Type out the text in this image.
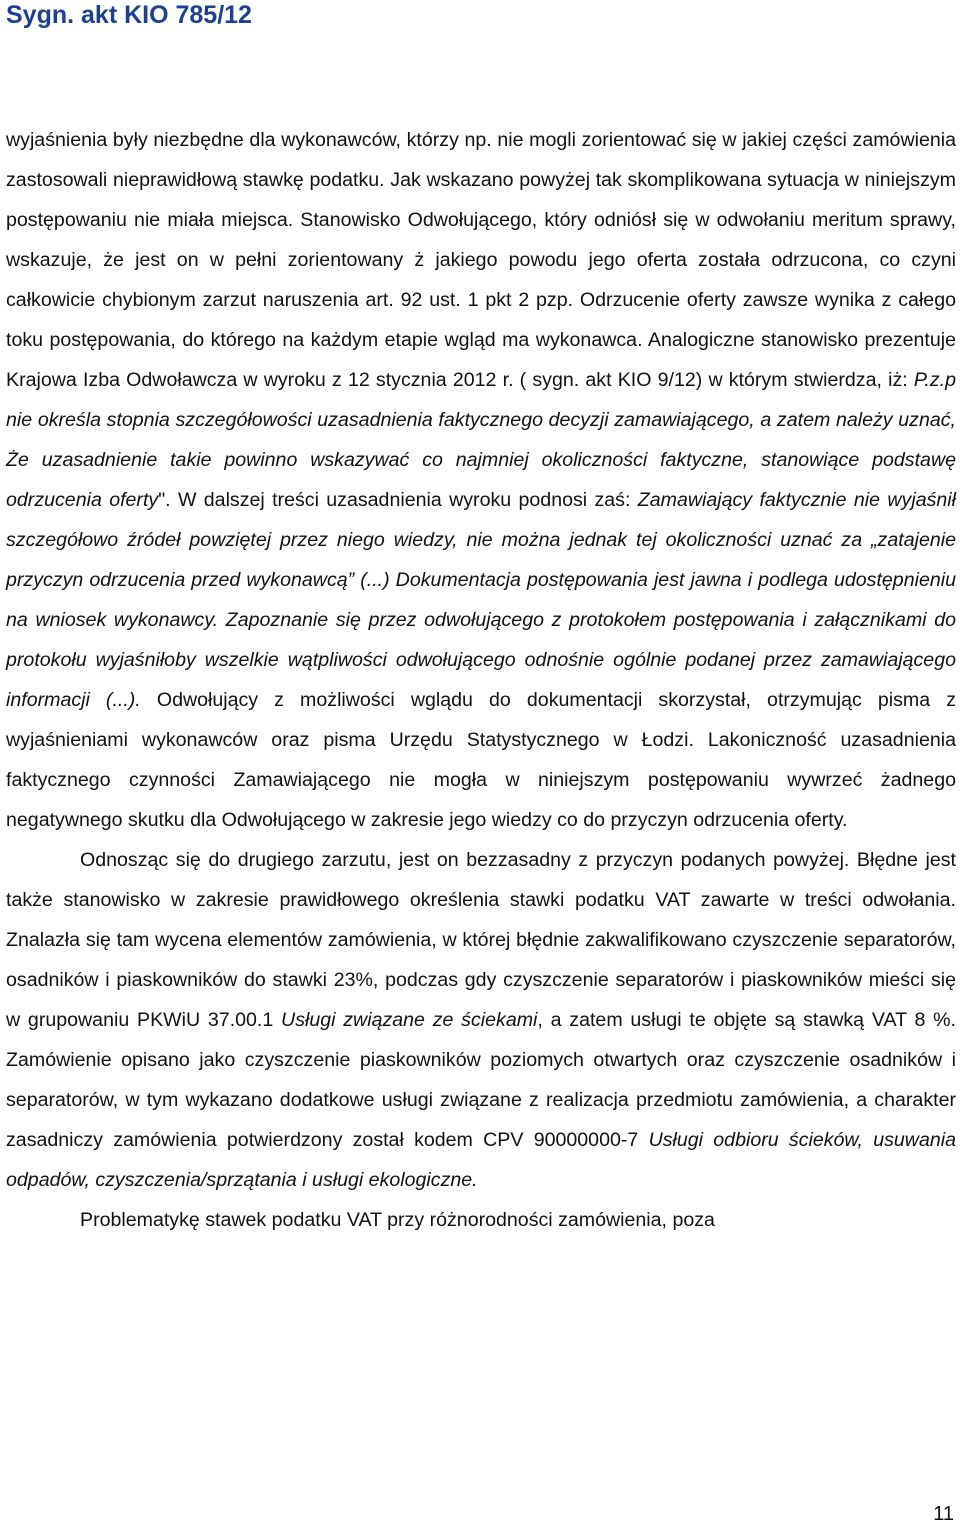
Sygn. akt KIO 785/12

wyjaśnienia były niezbędne dla wykonawców, którzy np. nie mogli zorientować się w jakiej części zamówienia zastosowali nieprawidłową stawkę podatku. Jak wskazano powyżej tak skomplikowana sytuacja w niniejszym postępowaniu nie miała miejsca. Stanowisko Odwołującego, który odniósł się w odwołaniu meritum sprawy, wskazuje, że jest on w pełni zorientowany ż jakiego powodu jego oferta została odrzucona, co czyni całkowicie chybionym zarzut naruszenia art. 92 ust. 1 pkt 2 pzp. Odrzucenie oferty zawsze wynika z całego toku postępowania, do którego na każdym etapie wgląd ma wykonawca. Analogiczne stanowisko prezentuje Krajowa Izba Odwoławcza w wyroku z 12 stycznia 2012 r. ( sygn. akt KIO 9/12) w którym stwierdza, iż: P.z.p nie określa stopnia szczegółowości uzasadnienia faktycznego decyzji zamawiającego, a zatem należy uznać, Że uzasadnienie takie powinno wskazywać co najmniej okoliczności faktyczne, stanowiące podstawę odrzucenia oferty". W dalszej treści uzasadnienia wyroku podnosi zaś: Zamawiający faktycznie nie wyjaśnił szczegółowo źródeł powziętej przez niego wiedzy, nie można jednak tej okoliczności uznać za „zatajenie przyczyn odrzucenia przed wykonawcą” (...) Dokumentacja postępowania jest jawna i podlega udostępnieniu na wniosek wykonawcy. Zapoznanie się przez odwołującego z protokołem postępowania i załącznikami do protokołu wyjaśniłoby wszelkie wątpliwości odwołującego odnośnie ogólnie podanej przez zamawiającego informacji (...). Odwołujący z możliwości wglądu do dokumentacji skorzystał, otrzymując pisma z wyjaśnieniami wykonawców oraz pisma Urzędu Statystycznego w Łodzi. Lakoniczność uzasadnienia faktycznego czynności Zamawiającego nie mogła w niniejszym postępowaniu wywrzeć żadnego negatywnego skutku dla Odwołującego w zakresie jego wiedzy co do przyczyn odrzucenia oferty.

Odnosząc się do drugiego zarzutu, jest on bezzasadny z przyczyn podanych powyżej. Błędne jest także stanowisko w zakresie prawidłowego określenia stawki podatku VAT zawarte w treści odwołania. Znalazła się tam wycena elementów zamówienia, w której błędnie zakwalifikowano czyszczenie separatorów, osadników i piaskowników do stawki 23%, podczas gdy czyszczenie separatorów i piaskowników mieści się w grupowaniu PKWiU 37.00.1 Usługi związane ze ściekami, a zatem usługi te objęte są stawką VAT 8 %. Zamówienie opisano jako czyszczenie piaskowników poziomych otwartych oraz czyszczenie osadników i separatorów, w tym wykazano dodatkowe usługi związane z realizacja przedmiotu zamówienia, a charakter zasadniczy zamówienia potwierdzony został kodem CPV 90000000-7 Usługi odbioru ścieków, usuwania odpadów, czyszczenia/sprzątania i usługi ekologiczne.

Problematykę stawek podatku VAT przy różnorodności zamówienia, poza

11
